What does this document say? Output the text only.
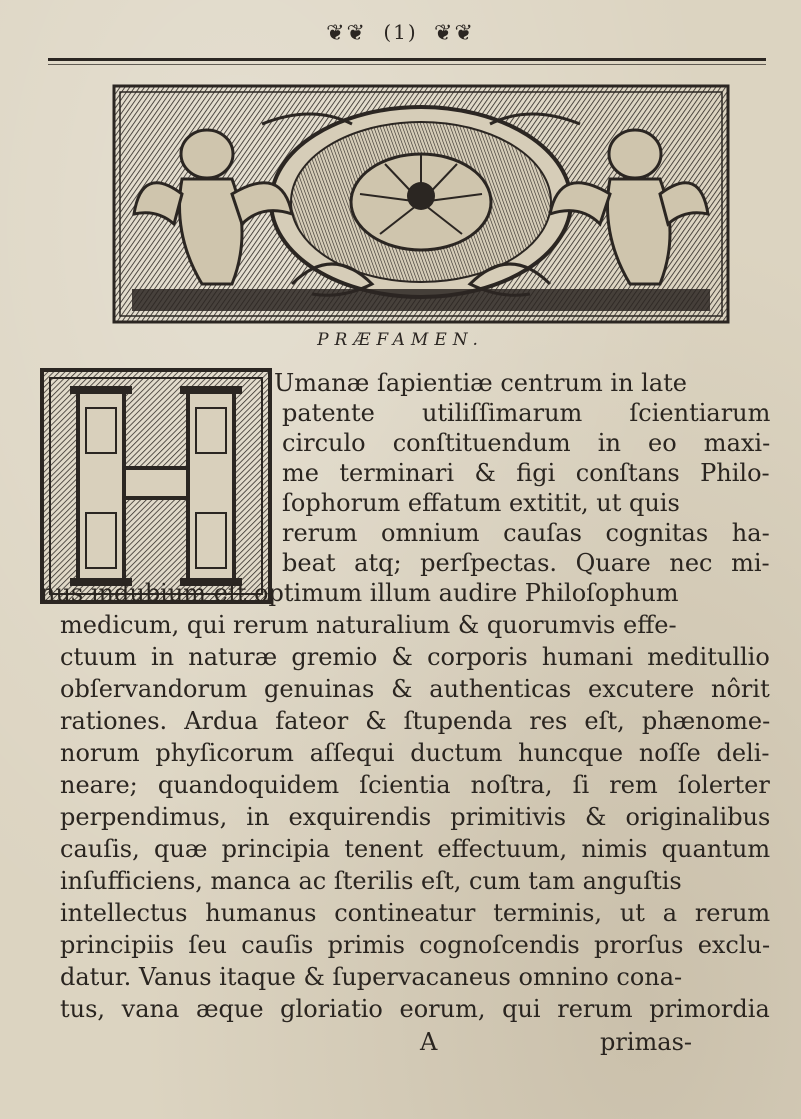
❦❦ (1) ❦❦
PRÆFAMEN.
Umanæ ſapientiæ centrum in late
patente utiliſſimarum ſcientiarum
circulo conſtituendum in eo maxi-
me terminari & figi conſtans Philo-
ſophorum effatum extitit, ut quis
rerum omnium cauſas cognitas ha-
beat atq; perſpectas. Quare nec mi-
nus indubium eſt optimum illum audire Philoſophum
medicum, qui rerum naturalium & quorumvis effe-
ctuum in naturæ gremio & corporis humani meditullio
obſervandorum genuinas & authenticas excutere nôrit
rationes. Ardua fateor & ſtupenda res eſt, phænome-
norum phyſicorum aſſequi ductum huncque noſſe deli-
neare; quandoquidem ſcientia noſtra, ſi rem ſolerter
perpendimus, in exquirendis primitivis & originalibus
cauſis, quæ principia tenent effectuum, nimis quantum
inſufficiens, manca ac ſterilis eſt, cum tam anguſtis
intellectus humanus contineatur terminis, ut a rerum
principiis ſeu cauſis primis cognoſcendis prorſus exclu-
datur. Vanus itaque & ſupervacaneus omnino cona-
tus, vana æque gloriatio eorum, qui rerum primordia
A	primas-
